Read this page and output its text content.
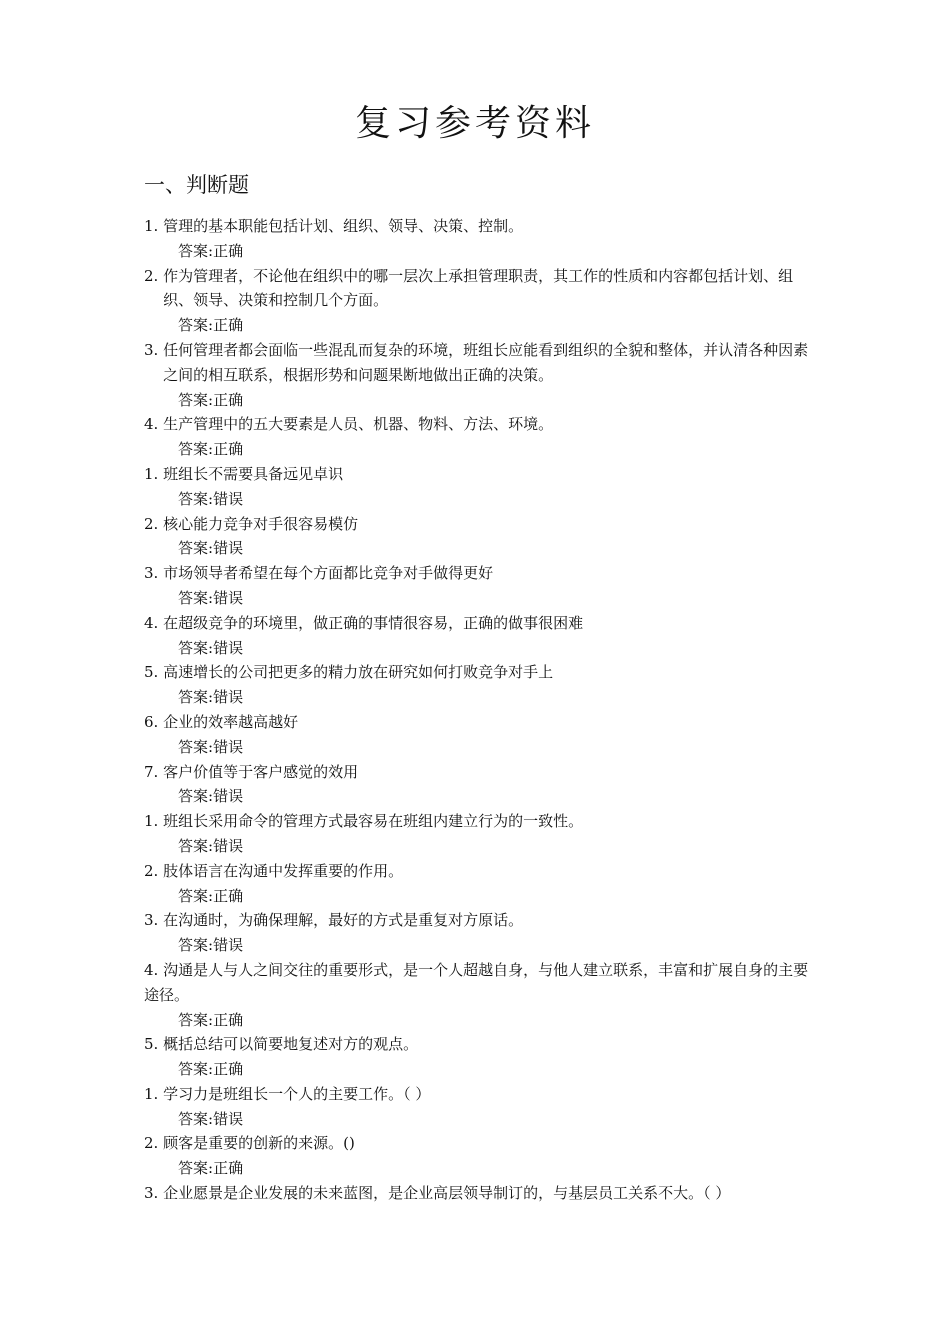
复习参考资料
一、判断题
1. 管理的基本职能包括计划、组织、领导、决策、控制。
答案:正确
2. 作为管理者，不论他在组织中的哪一层次上承担管理职责，其工作的性质和内容都包括计划、组织、领导、决策和控制几个方面。
答案:正确
3. 任何管理者都会面临一些混乱而复杂的环境，班组长应能看到组织的全貌和整体，并认清各种因素之间的相互联系，根据形势和问题果断地做出正确的决策。
答案:正确
4. 生产管理中的五大要素是人员、机器、物料、方法、环境。
答案:正确
1. 班组长不需要具备远见卓识
答案:错误
2. 核心能力竞争对手很容易模仿
答案:错误
3. 市场领导者希望在每个方面都比竞争对手做得更好
答案:错误
4. 在超级竞争的环境里，做正确的事情很容易，正确的做事很困难
答案:错误
5. 高速增长的公司把更多的精力放在研究如何打败竞争对手上
答案:错误
6. 企业的效率越高越好
答案:错误
7. 客户价值等于客户感觉的效用
答案:错误
1. 班组长采用命令的管理方式最容易在班组内建立行为的一致性。
答案:错误
2. 肢体语言在沟通中发挥重要的作用。
答案:正确
3. 在沟通时，为确保理解，最好的方式是重复对方原话。
答案:错误
4. 沟通是人与人之间交往的重要形式，是一个人超越自身，与他人建立联系，丰富和扩展自身的主要途径。
答案:正确
5. 概括总结可以简要地复述对方的观点。
答案:正确
1. 学习力是班组长一个人的主要工作。（ ）
答案:错误
2. 顾客是重要的创新的来源。()
答案:正确
3. 企业愿景是企业发展的未来蓝图，是企业高层领导制订的，与基层员工关系不大。（ ）
